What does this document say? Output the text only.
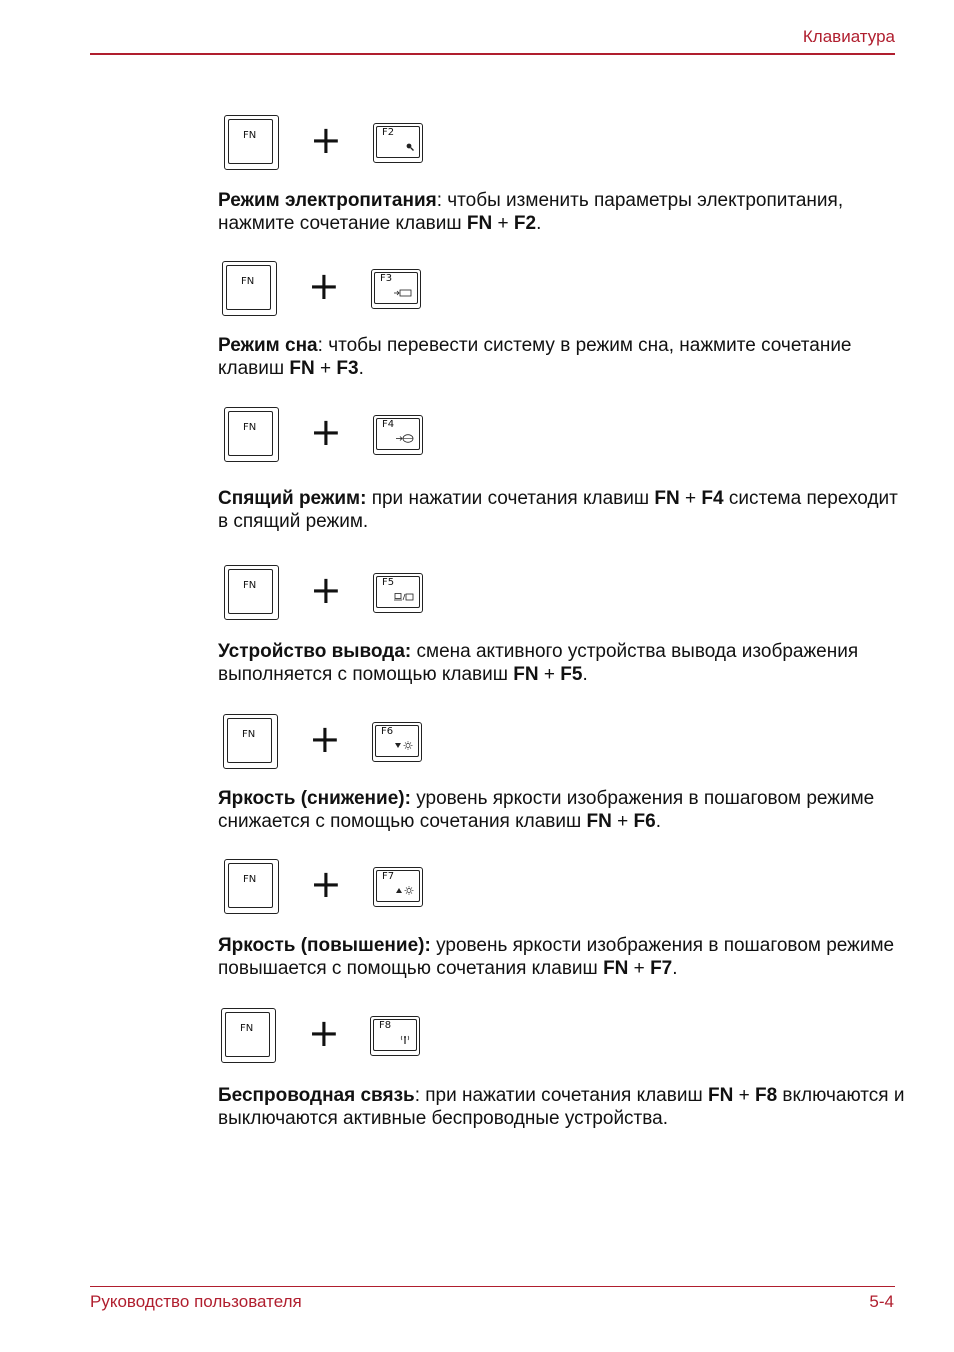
Клавиатура
FN +	F2
Режим электропитания: чтобы изменить параметры электропитания, нажмите сочетание клавиш FN + F2.
FN +	F3
Режим сна: чтобы перевести систему в режим сна, нажмите сочетание клавиш FN + F3.
FN +	F4
Спящий режим: при нажатии сочетания клавиш FN + F4 система переходит в спящий режим.
FN +	F5
Устройство вывода: смена активного устройства вывода изображения выполняется с помощью клавиш FN + F5.
FN +	F6
Яркость (снижение): уровень яркости изображения в пошаговом режиме снижается с помощью сочетания клавиш FN + F6.
FN +	F7
Яркость (повышение): уровень яркости изображения в пошаговом режиме повышается с помощью сочетания клавиш FN + F7.
FN +	F8
Беспроводная связь: при нажатии сочетания клавиш FN + F8 включаются и выключаются активные беспроводные устройства.
Руководство пользователя	5-4
